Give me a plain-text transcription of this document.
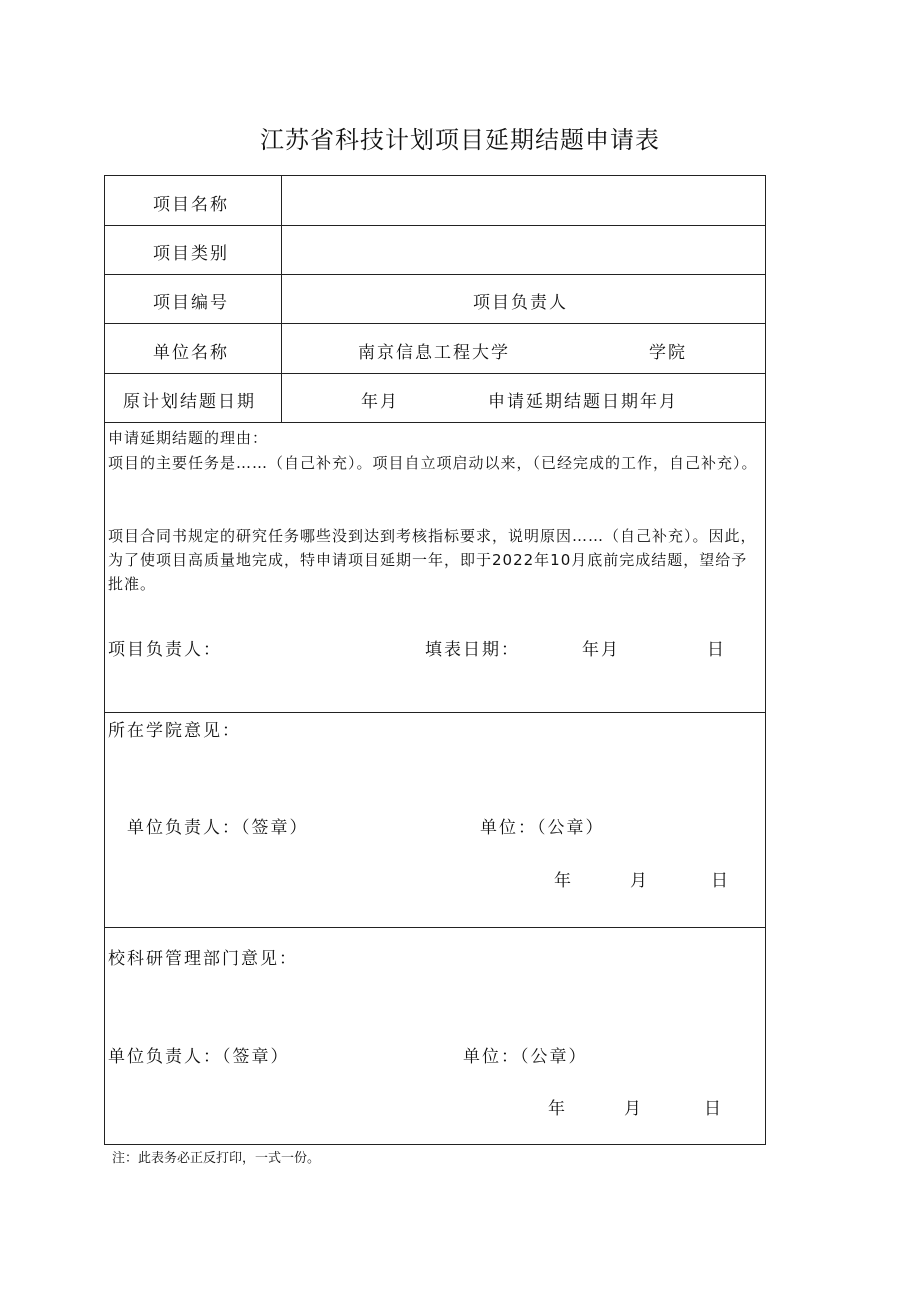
江苏省科技计划项目延期结题申请表
项目名称
项目类别
项目编号	项目负责人
单位名称	南京信息工程大学	学院
原计划结题日期	年月	申请延期结题日期年月
申请延期结题的理由：
项目的主要任务是……（自己补充）。项目自立项启动以来，（已经完成的工作，自己补充）。
项目合同书规定的研究任务哪些没到达到考核指标要求，说明原因……（自己补充）。因此，为了使项目高质量地完成，特申请项目延期一年，即于2022年10月底前完成结题，望给予批准。
项目负责人：	填表日期：	年月	日
所在学院意见：
单位负责人：（签章）	单位：（公章）
年	月	日
校科研管理部门意见：
单位负责人：（签章）	单位：（公章）
年	月	日
注：此表务必正反打印，一式一份。
